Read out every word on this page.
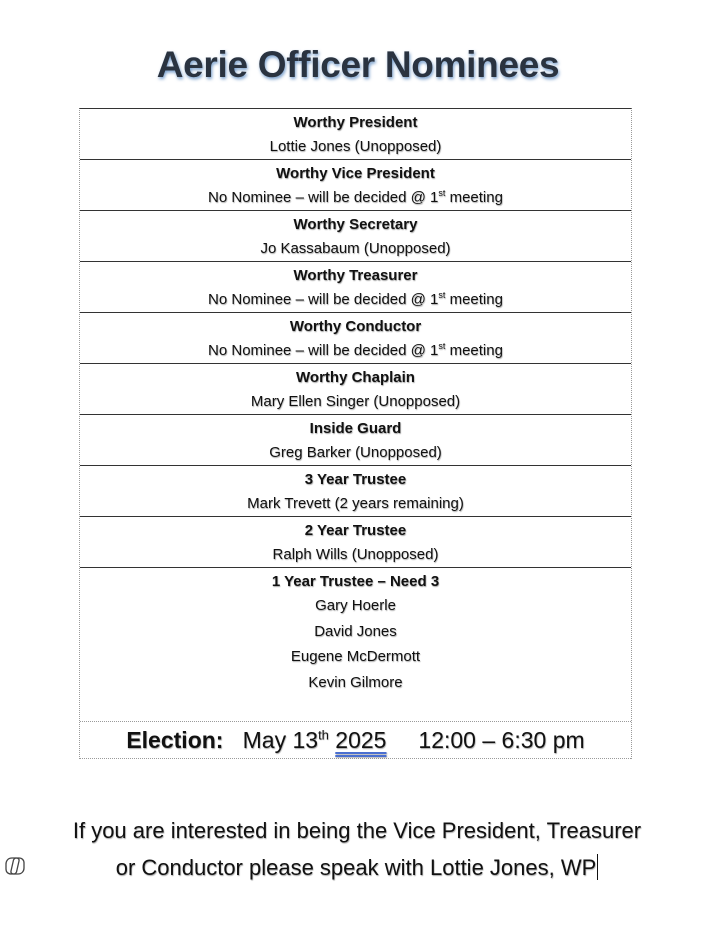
Aerie Officer Nominees
Worthy President
Lottie Jones (Unopposed)
Worthy Vice President
No Nominee – will be decided @ 1st meeting
Worthy Secretary
Jo Kassabaum (Unopposed)
Worthy Treasurer
No Nominee – will be decided @ 1st meeting
Worthy Conductor
No Nominee – will be decided @ 1st meeting
Worthy Chaplain
Mary Ellen Singer (Unopposed)
Inside Guard
Greg Barker (Unopposed)
3 Year Trustee
Mark Trevett (2 years remaining)
2 Year Trustee
Ralph Wills (Unopposed)
1 Year Trustee – Need 3
Gary Hoerle
David Jones
Eugene McDermott
Kevin Gilmore
Election: May 13th 2025 12:00 – 6:30 pm
If you are interested in being the Vice President, Treasurer
or Conductor please speak with Lottie Jones, WP
